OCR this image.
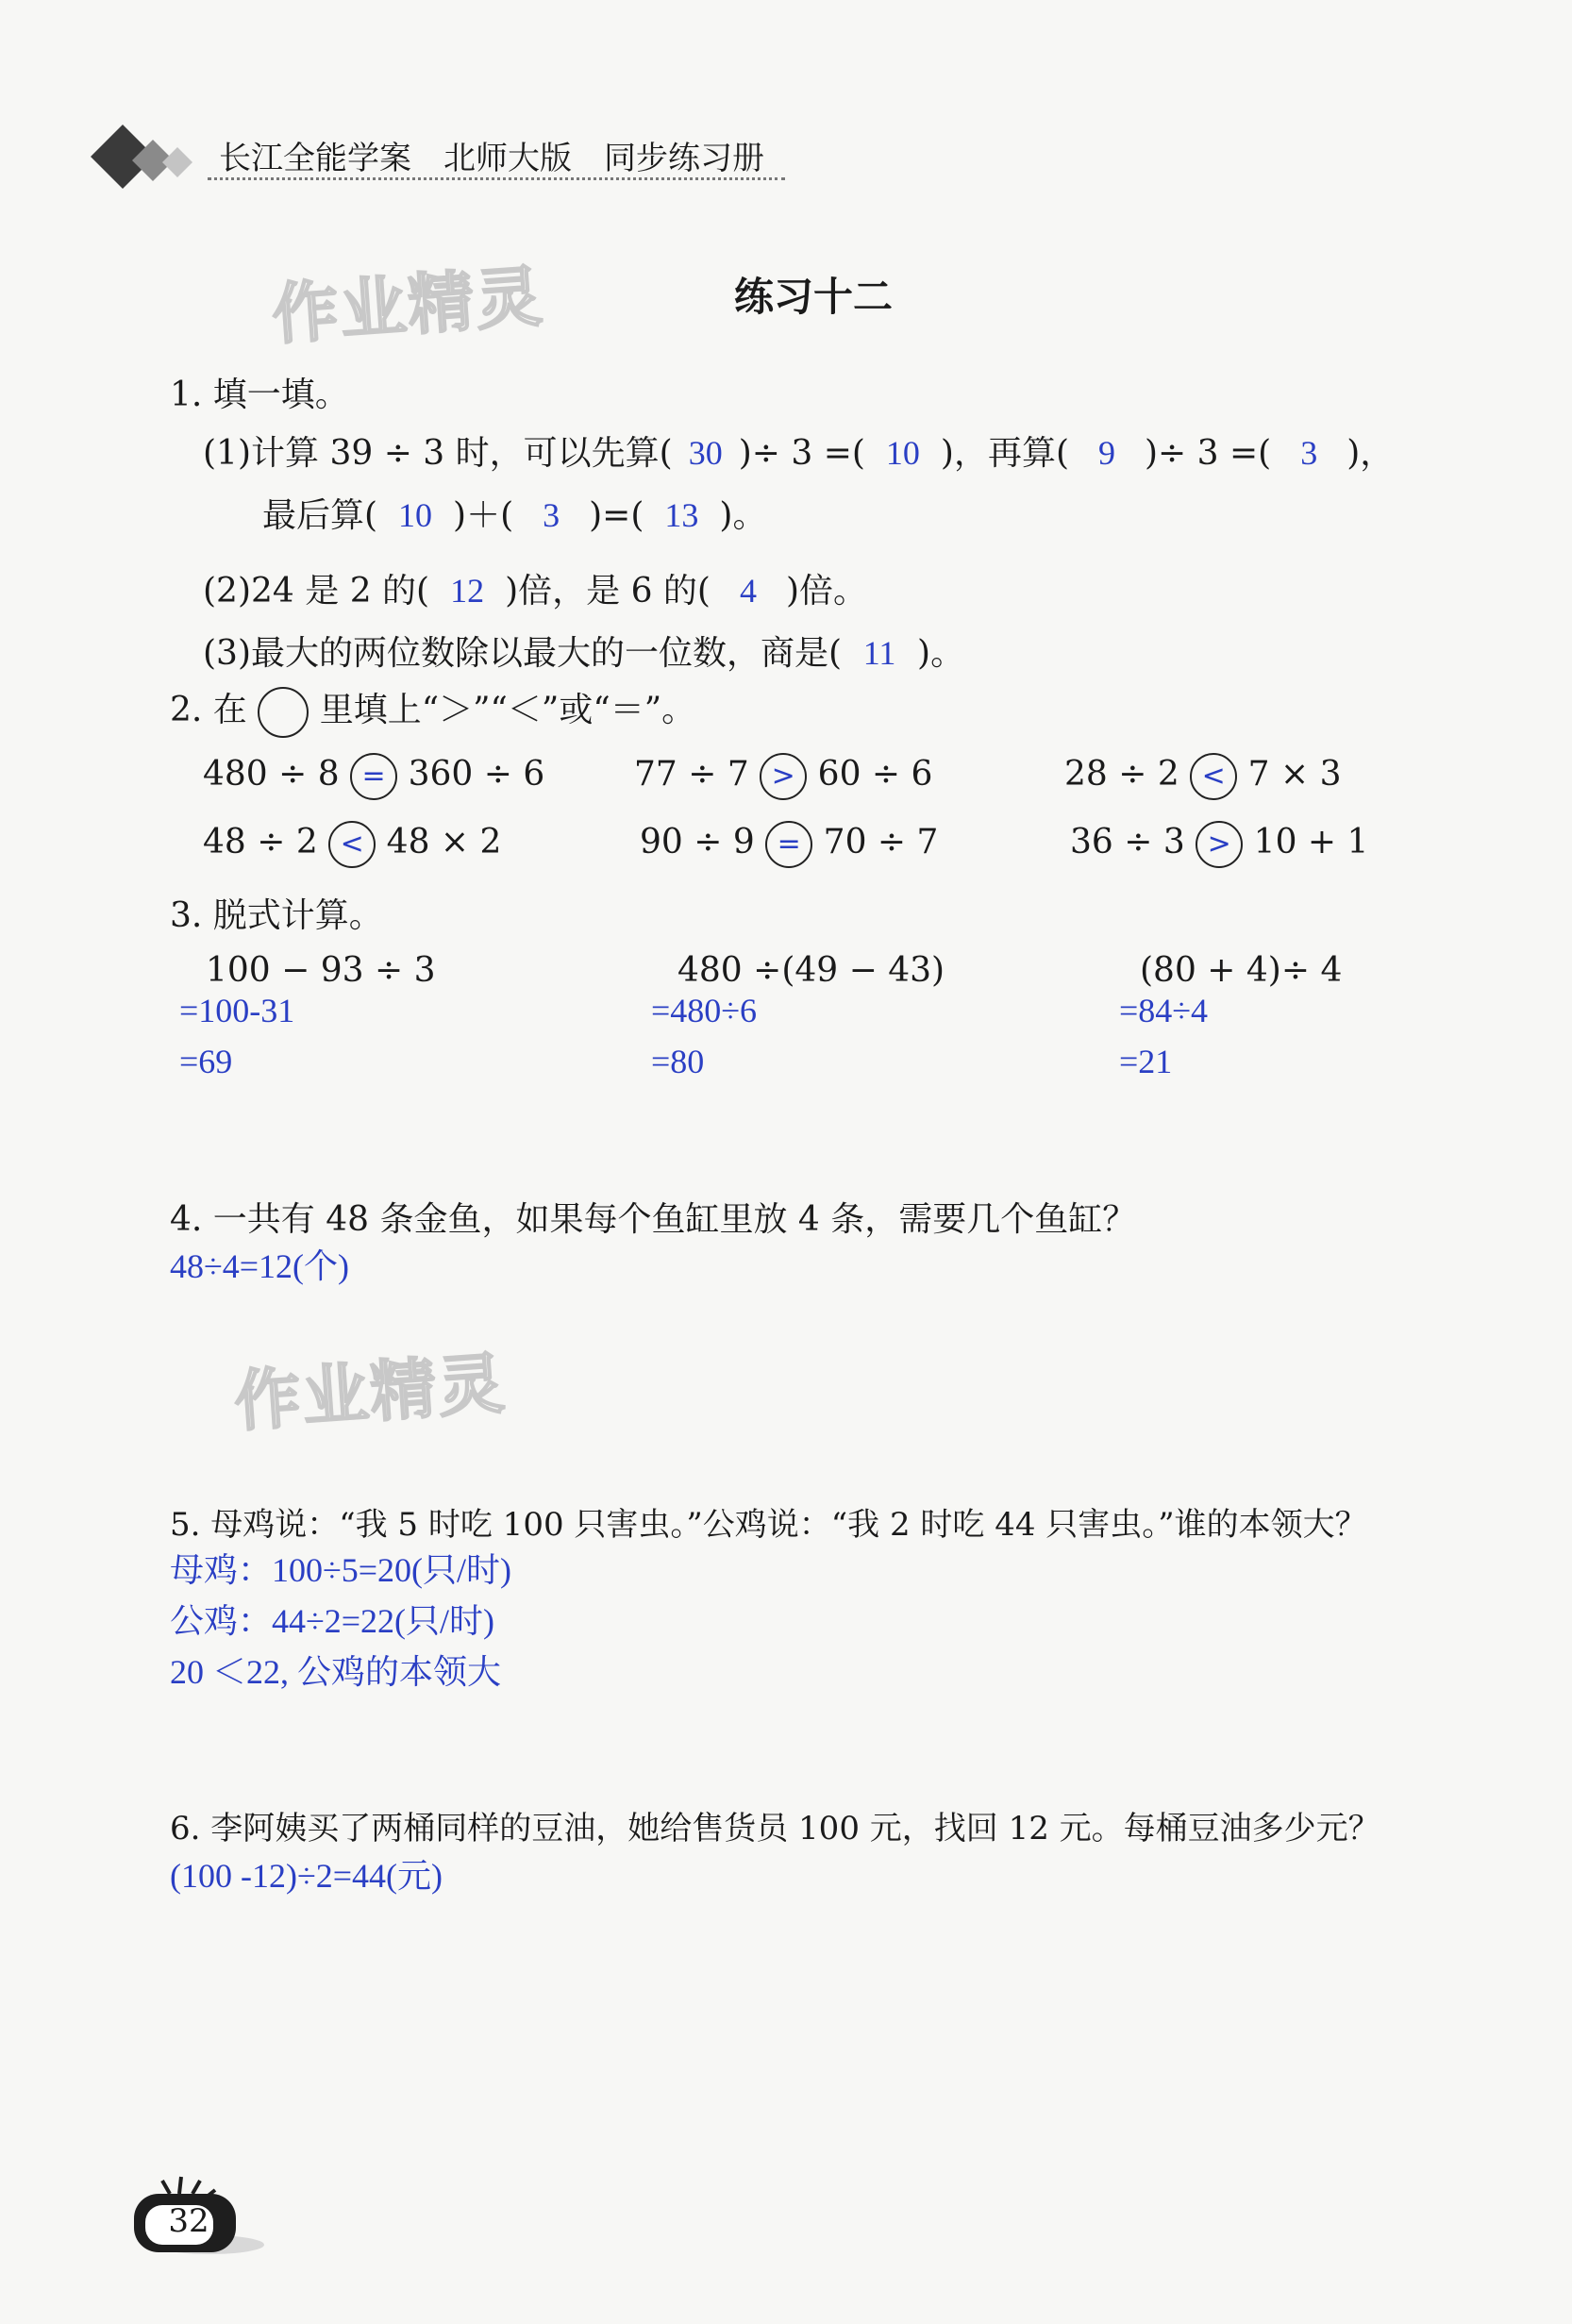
长江全能学案　北师大版　同步练习册
作业精灵
作业精灵
练习十二
1. 填一填。
(1)计算 39 ÷ 3 时，可以先算( 30 )÷ 3 =( 10 )，再算( 9 )÷ 3 =( 3 )，
最后算( 10 )＋( 3 )=( 13 )。
(2)24 是 2 的( 12 )倍，是 6 的( 4 )倍。
(3)最大的两位数除以最大的一位数，商是( 11 )。
2. 在 里填上“＞”“＜”或“＝”。
480 ÷ 8 = 360 ÷ 6	77 ÷ 7 > 60 ÷ 6	28 ÷ 2 < 7 × 3
48 ÷ 2 < 48 × 2	90 ÷ 9 = 70 ÷ 7	36 ÷ 3 > 10 + 1
3. 脱式计算。
100 − 93 ÷ 3
=100-31
=69
480 ÷(49 − 43)
=480÷6
=80
(80 + 4)÷ 4
=84÷4
=21
4. 一共有 48 条金鱼，如果每个鱼缸里放 4 条，需要几个鱼缸？
48÷4=12(个)
5. 母鸡说：“我 5 时吃 100 只害虫。”公鸡说：“我 2 时吃 44 只害虫。”谁的本领大？
母鸡：100÷5=20(只/时)
公鸡：44÷2=22(只/时)
20 ＜22, 公鸡的本领大
6. 李阿姨买了两桶同样的豆油，她给售货员 100 元，找回 12 元。每桶豆油多少元？
(100 -12)÷2=44(元)
32
